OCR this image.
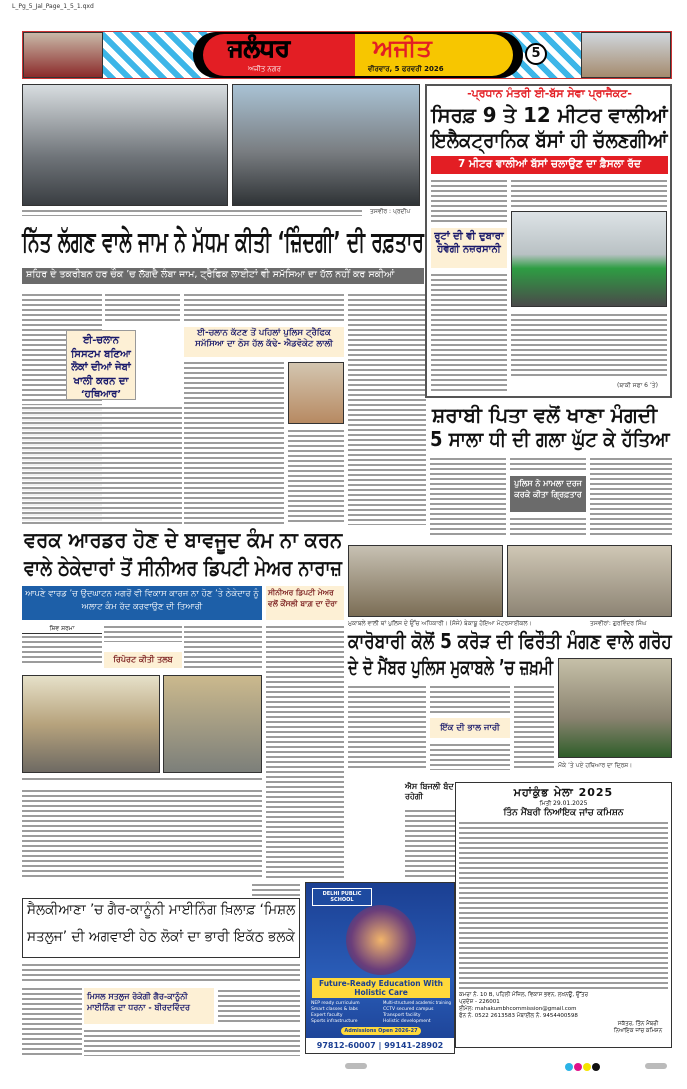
L_Pg_5_Jal_Page_1_5_1.qxd
ਜਲੰਧਰ	ਅਜੀਤ
ਅਜੀਤ ਨਗਰ	ਵੀਰਵਾਰ, 5 ਫਰਵਰੀ 2026
5
ਤਸਵੀਰ : ਪ੍ਰਦੀਪ
ਨਿੱਤ ਲੱਗਣ ਵਾਲੇ ਜਾਮ ਨੇ ਮੱਧਮ ਕੀਤੀ ‘ਜ਼ਿੰਦਗੀ’ ਦੀ ਰਫ਼ਤਾਰ
ਸ਼ਹਿਰ ਦੇ ਤਕਰੀਬਨ ਹਰ ਚੌਕ ’ਚ ਲੱਗਦੈ ਲੰਬਾ ਜਾਮ, ਟ੍ਰੈਫਿਕ ਲਾਈਟਾਂ ਵੀ ਸਮੱਸਿਆ ਦਾ ਹੱਲ ਨਹੀਂ ਕਰ ਸਕੀਆਂ
ਈ-ਚਲਾਨ ਸਿਸਟਮ ਬਣਿਆ ਲੋਕਾਂ ਦੀਆਂ ਜੇਬਾਂ ਖਾਲੀ ਕਰਨ ਦਾ ‘ਹਥਿਆਰ’
ਈ-ਚਲਾਨ ਕੱਟਣ ਤੋਂ ਪਹਿਲਾਂ ਪੁਲਿਸ ਟ੍ਰੈਫਿਕ ਸਮੱਸਿਆ ਦਾ ਠੋਸ ਹੱਲ ਕੱਢੇ- ਐਡਵੋਕੇਟ ਲਾਲੀ
-ਪ੍ਰਧਾਨ ਮੰਤਰੀ ਈ-ਬੱਸ ਸੇਵਾ ਪ੍ਰਾਜੈਕਟ-
ਸਿਰਫ਼ 9 ਤੇ 12 ਮੀਟਰ ਵਾਲੀਆਂ
ਇਲੈਕਟ੍ਰਾਨਿਕ ਬੱਸਾਂ ਹੀ ਚੱਲਣਗੀਆਂ
7 ਮੀਟਰ ਵਾਲੀਆਂ ਬੱਸਾਂ ਚਲਾਉਣ ਦਾ ਫ਼ੈਸਲਾ ਰੱਦ
ਰੂਟਾਂ ਦੀ ਵੀ ਦੁਬਾਰਾ ਹੋਵੇਗੀ ਨਜ਼ਰਸਾਨੀ
(ਬਾਕੀ ਸਫਾ 6 ’ਤੇ)
ਸ਼ਰਾਬੀ ਪਿਤਾ ਵਲੋਂ ਖਾਣਾ ਮੰਗਦੀ
5 ਸਾਲਾ ਧੀ ਦੀ ਗਲਾ ਘੁੱਟ ਕੇ ਹੱਤਿਆ
ਪੁਲਿਸ ਨੇ ਮਾਮਲਾ ਦਰਜ ਕਰਕੇ ਕੀਤਾ ਗ੍ਰਿਫ਼ਤਾਰ
ਵਰਕ ਆਰਡਰ ਹੋਣ ਦੇ ਬਾਵਜੂਦ ਕੰਮ ਨਾ ਕਰਨ
ਵਾਲੇ ਠੇਕੇਦਾਰਾਂ ਤੋਂ ਸੀਨੀਅਰ ਡਿਪਟੀ ਮੇਅਰ ਨਾਰਾਜ਼
ਆਪਣੇ ਵਾਰਡ ’ਚ ਉਦਘਾਟਨ ਮਗਰੋਂ ਵੀ ਵਿਕਾਸ ਕਾਰਜ ਨਾ ਹੋਣ ’ਤੇ ਠੇਕੇਦਾਰ ਨੂੰ ਅਲਾਟ ਕੰਮ ਰੱਦ ਕਰਵਾਉਣ ਦੀ ਤਿਆਰੀ
ਸੀਨੀਅਰ ਡਿਪਟੀ ਮੇਅਰ ਵਲੋਂ ਕੌਂਸਲੀ ਬਾਗ਼ ਦਾ ਦੌਰਾ
ਸ਼ਿਵ ਸ਼ਰਮਾ
ਰਿਪੋਰਟ ਕੀਤੀ ਤਲਬ
ਐਸ ਬਿਜਲੀ ਬੰਦ ਰਹੇਗੀ
ਮੁਕਾਬਲੇ ਵਾਲੀ ਥਾਂ ਪੁਲਿਸ ਦੇ ਉੱਚ ਅਧਿਕਾਰੀ। (ਸੱਜੇ) ਬੇਕਾਬੂ ਹੋਇਆ ਮੋਟਰਸਾਈਕਲ।	ਤਸਵੀਰਾਂ: ਗੁਰਵਿੰਦਰ ਸਿੰਘ
ਕਾਰੋਬਾਰੀ ਕੋਲੋਂ 5 ਕਰੋੜ ਦੀ ਫਿਰੌਤੀ ਮੰਗਣ ਵਾਲੇ ਗਰੋਹ
ਦੇ ਦੋ ਮੈਂਬਰ ਪੁਲਿਸ ਮੁਕਾਬਲੇ ’ਚ ਜ਼ਖ਼ਮੀ
ਇੱਕ ਦੀ ਭਾਲ ਜਾਰੀ
ਮੌਕੇ ’ਤੇ ਪਏ ਹਥਿਆਰ ਦਾ ਦ੍ਰਿਸ਼।
ਮਹਾਂਕੁੰਭ ਮੇਲਾ 2025
ਮਿਤੀ 29.01.2025
ਤਿੰਨ ਮੈਂਬਰੀ ਨਿਆਂਇਕ ਜਾਂਚ ਕਮਿਸ਼ਨ
ਕਮਰਾ ਨੰ. 10 B, ਪਹਿਲੀ ਮੰਜ਼ਿਲ, ਵਿਕਾਸ ਭਵਨ, ਲਖਨਊ, ਉੱਤਰ ਪ੍ਰਦੇਸ਼ - 226001
ਈਮੇਲ: mahakumbhcommission@gmail.com
ਫੋਨ ਨੰ. 0522 2613583 ਮੋਬਾਈਲ ਨੰ. 9454400598
ਸਕੱਤਰ, ਤਿੰਨ ਮੈਂਬਰੀ ਨਿਆਂਇਕ ਜਾਂਚ ਕਮਿਸ਼ਨ
ਸੈਲਕੀਆਣਾ ’ਚ ਗੈਰ-ਕਾਨੂੰਨੀ ਮਾਈਨਿੰਗ ਖ਼ਿਲਾਫ਼ ‘ਮਿਸ਼ਲ
ਸਤਲੁਜ’ ਦੀ ਅਗਵਾਈ ਹੇਠ ਲੋਕਾਂ ਦਾ ਭਾਰੀ ਇਕੱਠ ਭਲਕੇ
ਮਿਸਲ ਸਤਲੁਜ ਰੋਕੇਗੀ ਗੈਰ-ਕਾਨੂੰਨੀ ਮਾਈਨਿੰਗ ਦਾ ਧਰਨਾ - ਬੀਰਦਵਿੰਦਰ
DELHI PUBLIC SCHOOL
Future-Ready Education With Holistic Care
NEP ready curriculum	Multi-structured academic training
Smart classes & labs	CCTV secured campus
Expert faculty	Transport facility
Sports infrastructure	Holistic development
Admissions Open 2026-27
97812-60007 | 99141-28902
